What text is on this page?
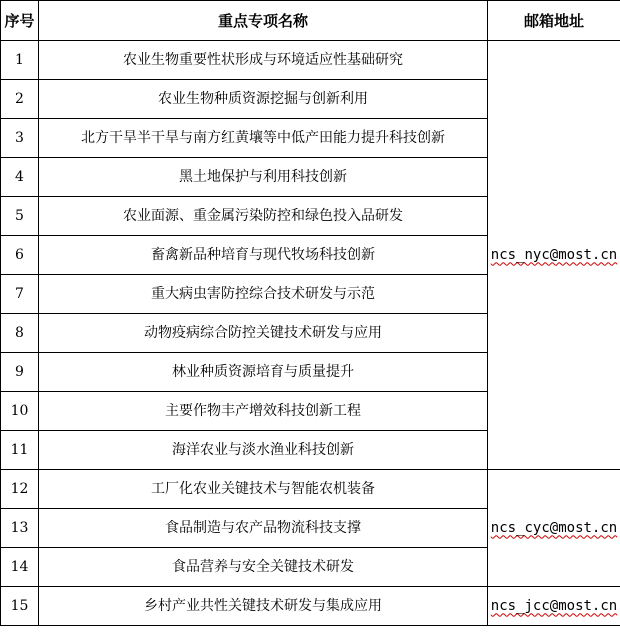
序号	重点专项名称	邮箱地址
1	农业生物重要性状形成与环境适应性基础研究	ncs_nyc@most.cn
2	农业生物种质资源挖掘与创新利用	
3	北方干旱半干旱与南方红黄壤等中低产田能力提升科技创新	
4	黑土地保护与利用科技创新	
5	农业面源、重金属污染防控和绿色投入品研发	
6	畜禽新品种培育与现代牧场科技创新	
7	重大病虫害防控综合技术研发与示范	
8	动物疫病综合防控关键技术研发与应用	
9	林业种质资源培育与质量提升	
10	主要作物丰产增效科技创新工程	
11	海洋农业与淡水渔业科技创新	
12	工厂化农业关键技术与智能农机装备	ncs_cyc@most.cn
13	食品制造与农产品物流科技支撑	
14	食品营养与安全关键技术研发	
15	乡村产业共性关键技术研发与集成应用	ncs_jcc@most.cn
